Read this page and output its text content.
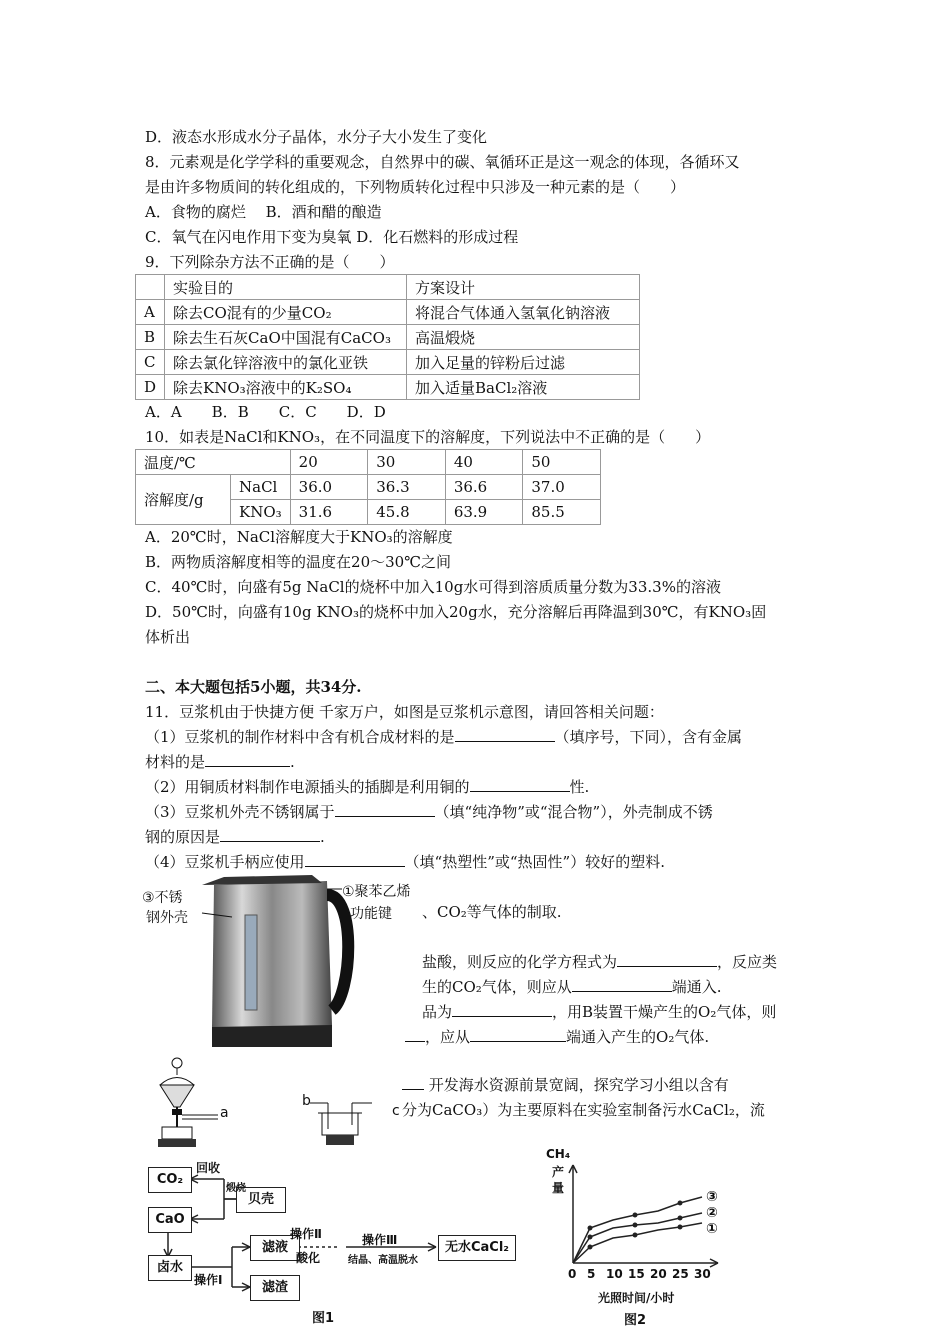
D．液态水形成水分子晶体，水分子大小发生了变化
8．元素观是化学学科的重要观念，自然界中的碳、氧循环正是这一观念的体现，各循环又
是由许多物质间的转化组成的，下列物质转化过程中只涉及一种元素的是（　　）
A．食物的腐烂　 B．酒和醋的酿造
C．氧气在闪电作用下变为臭氧 D．化石燃料的形成过程
9．下列除杂方法不正确的是（　　）
	实验目的	方案设计
A	除去CO混有的少量CO₂	将混合气体通入氢氧化钠溶液
B	除去生石灰CaO中国混有CaCO₃	高温煅烧
C	除去氯化锌溶液中的氯化亚铁	加入足量的锌粉后过滤
D	除去KNO₃溶液中的K₂SO₄	加入适量BaCl₂溶液
A．A　　B．B　　C．C　　D．D
10．如表是NaCl和KNO₃，在不同温度下的溶解度，下列说法中不正确的是（　　）
温度/℃		20	30	40	50
溶解度/g	NaCl	36.0	36.3	36.6	37.0
	KNO₃	31.6	45.8	63.9	85.5
A．20℃时，NaCl溶解度大于KNO₃的溶解度
B．两物质溶解度相等的温度在20～30℃之间
C．40℃时，向盛有5g NaCl的烧杯中加入10g水可得到溶质质量分数为33.3%的溶液
D．50℃时，向盛有10g KNO₃的烧杯中加入20g水，充分溶解后再降温到30℃，有KNO₃固
体析出
二、本大题包括5小题，共34分.
11．豆浆机由于快捷方便 千家万户，如图是豆浆机示意图，请回答相关问题：
（1）豆浆机的制作材料中含有机合成材料的是	（填序号，下同），含有金属
材料的是	.
（2）用铜质材料制作电源插头的插脚是利用铜的	性.
（3）豆浆机外壳不锈钢属于	（填“纯净物”或“混合物”），外壳制成不锈
钢的原因是	.
（4）豆浆机手柄应使用	（填“热塑性”或“热固性”）较好的塑料.
、CO₂等气体的制取.
盐酸，则反应的化学方程式为	，反应类
生的CO₂气体，则应从	端通入.
品为	，用B装置干燥产生的O₂气体，则
，应从	端通入产生的O₂气体.
开发海水资源前景宽阔，探究学习小组以含有
分为CaCO₃）为主要原料在实验室制备污水CaCl₂，流
③不锈
钢外壳
①聚苯乙烯
功能键
a
b
c
CO₂
贝壳
CaO
卤水
滤液
滤渣
无水CaCl₂
回收
煅烧
操作Ⅱ
酸化
操作Ⅲ
结晶、高温脱水
操作Ⅰ
图1
CH₄
产
量
0 5 10 15 20 25 30
光照时间/小时
③
②
①
图2
